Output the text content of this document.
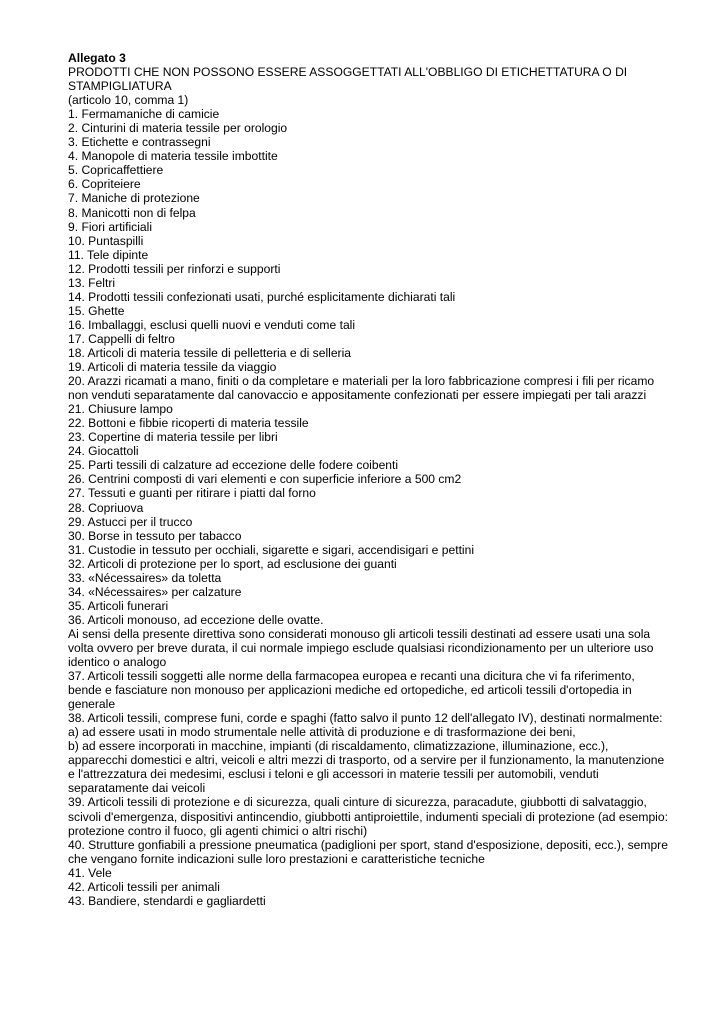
Allegato 3

PRODOTTI CHE NON POSSONO ESSERE ASSOGGETTATI ALL'OBBLIGO DI ETICHETTATURA O DI STAMPIGLIATURA

(articolo 10, comma 1)

1. Fermamaniche di camicie

2. Cinturini di materia tessile per orologio

3. Etichette e contrassegni

4. Manopole di materia tessile imbottite

5. Copricaffettiere

6. Copriteiere

7. Maniche di protezione

8. Manicotti non di felpa

9. Fiori artificiali

10. Puntaspilli

11. Tele dipinte

12. Prodotti tessili per rinforzi e supporti

13. Feltri

14. Prodotti tessili confezionati usati, purché esplicitamente dichiarati tali

15. Ghette

16. Imballaggi, esclusi quelli nuovi e venduti come tali

17. Cappelli di feltro

18. Articoli di materia tessile di pelletteria e di selleria

19. Articoli di materia tessile da viaggio

20. Arazzi ricamati a mano, finiti o da completare e materiali per la loro fabbricazione compresi i fili per ricamo non venduti separatamente dal canovaccio e appositamente confezionati per essere impiegati per tali arazzi

21. Chiusure lampo

22. Bottoni e fibbie ricoperti di materia tessile

23. Copertine di materia tessile per libri

24. Giocattoli

25. Parti tessili di calzature ad eccezione delle fodere coibenti

26. Centrini composti di vari elementi e con superficie inferiore a 500 cm2

27. Tessuti e guanti per ritirare i piatti dal forno

28. Copriuova

29. Astucci per il trucco

30. Borse in tessuto per tabacco

31. Custodie in tessuto per occhiali, sigarette e sigari, accendisigari e pettini

32. Articoli di protezione per lo sport, ad esclusione dei guanti

33. «Nécessaires» da toletta

34. «Nécessaires» per calzature

35. Articoli funerari

36. Articoli monouso, ad eccezione delle ovatte.

Ai sensi della presente direttiva sono considerati monouso gli articoli tessili destinati ad essere usati una sola volta ovvero per breve durata, il cui normale impiego esclude qualsiasi ricondizionamento per un ulteriore uso identico o analogo

37. Articoli tessili soggetti alle norme della farmacopea europea e recanti una dicitura che vi fa riferimento, bende e fasciature non monouso per applicazioni mediche ed ortopediche, ed articoli tessili d'ortopedia in generale

38. Articoli tessili, comprese funi, corde e spaghi (fatto salvo il punto 12 dell'allegato IV), destinati normalmente:

a) ad essere usati in modo strumentale nelle attività di produzione e di trasformazione dei beni,

b) ad essere incorporati in macchine, impianti (di riscaldamento, climatizzazione, illuminazione, ecc.), apparecchi domestici e altri, veicoli e altri mezzi di trasporto, od a servire per il funzionamento, la manutenzione e l'attrezzatura dei medesimi, esclusi i teloni e gli accessori in materie tessili per automobili, venduti separatamente dai veicoli

39. Articoli tessili di protezione e di sicurezza, quali cinture di sicurezza, paracadute, giubbotti di salvataggio, scivoli d'emergenza, dispositivi antincendio, giubbotti antiproiettile, indumenti speciali di protezione (ad esempio: protezione contro il fuoco, gli agenti chimici o altri rischi)

40. Strutture gonfiabili a pressione pneumatica (padiglioni per sport, stand d'esposizione, depositi, ecc.), sempre che vengano fornite indicazioni sulle loro prestazioni e caratteristiche tecniche

41. Vele

42. Articoli tessili per animali

43. Bandiere, stendardi e gagliardetti
